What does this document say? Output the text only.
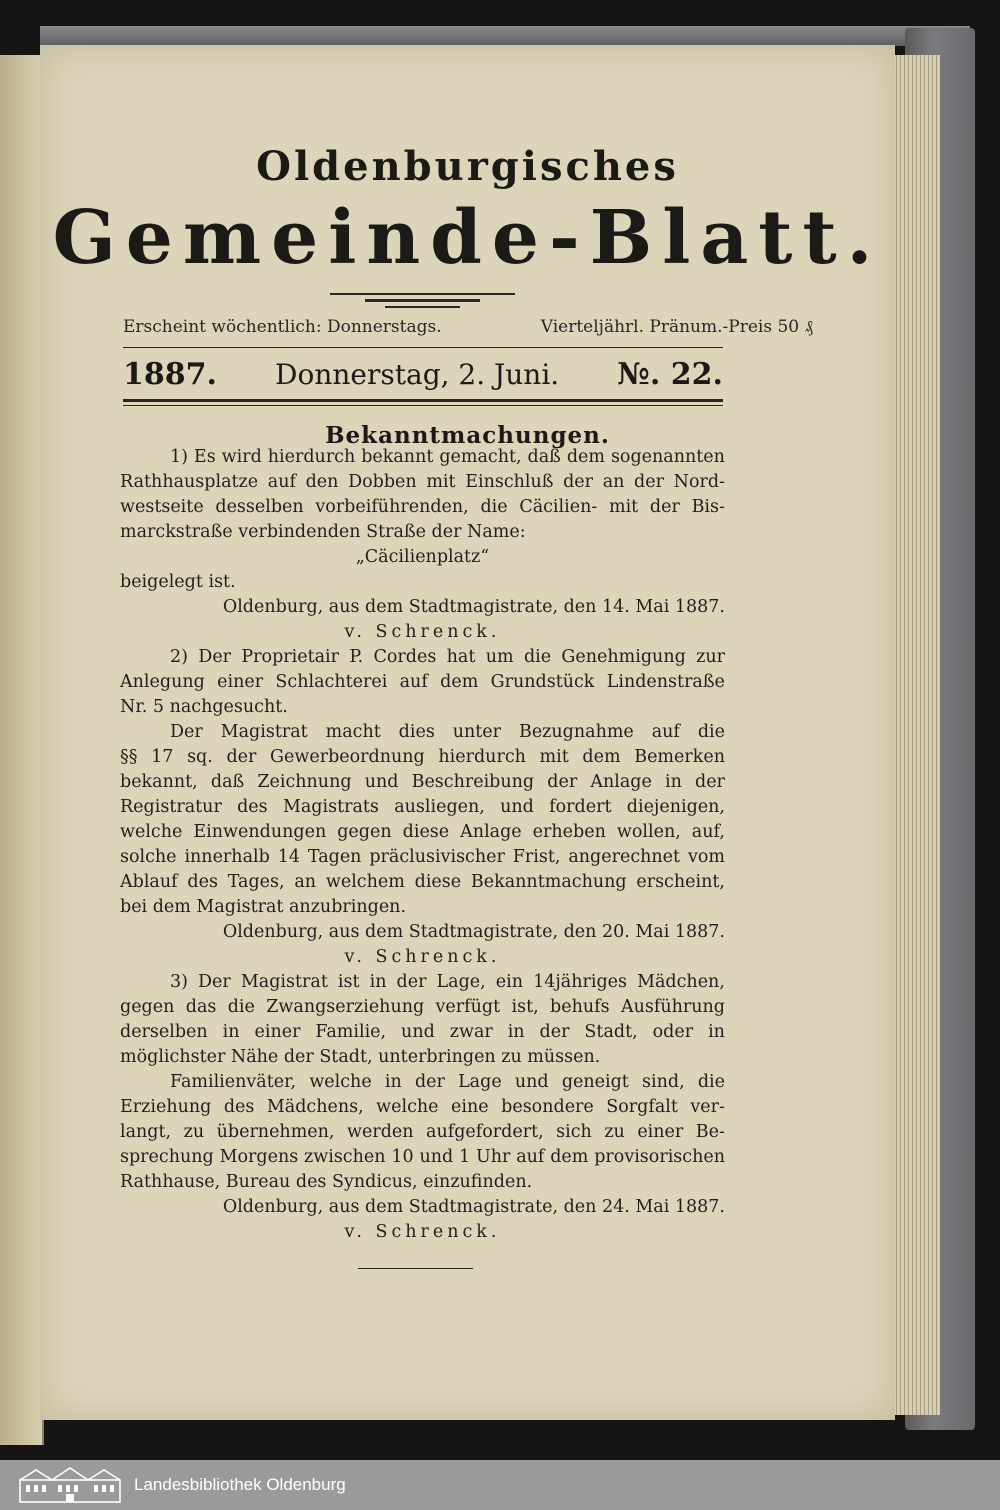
Oldenburgisches
Gemeinde-Blatt.
Erscheint wöchentlich: Donnerstags.	Vierteljährl. Pränum.-Preis 50 ₰
1887. Donnerstag, 2. Juni. №. 22.
Bekanntmachungen.
1) Es wird hierdurch bekannt gemacht, daß dem sogenannten
Rathhausplatze auf den Dobben mit Einschluß der an der Nord-
westseite desselben vorbeiführenden, die Cäcilien- mit der Bis-
marckstraße verbindenden Straße der Name:
„Cäcilienplatz“
beigelegt ist.
Oldenburg, aus dem Stadtmagistrate, den 14. Mai 1887.
v. Schrenck.
2) Der Proprietair P. Cordes hat um die Genehmigung zur
Anlegung einer Schlachterei auf dem Grundstück Lindenstraße
Nr. 5 nachgesucht.
Der Magistrat macht dies unter Bezugnahme auf die
§§ 17 sq. der Gewerbeordnung hierdurch mit dem Bemerken
bekannt, daß Zeichnung und Beschreibung der Anlage in der
Registratur des Magistrats ausliegen, und fordert diejenigen,
welche Einwendungen gegen diese Anlage erheben wollen, auf,
solche innerhalb 14 Tagen präclusivischer Frist, angerechnet vom
Ablauf des Tages, an welchem diese Bekanntmachung erscheint,
bei dem Magistrat anzubringen.
Oldenburg, aus dem Stadtmagistrate, den 20. Mai 1887.
v. Schrenck.
3) Der Magistrat ist in der Lage, ein 14jähriges Mädchen,
gegen das die Zwangserziehung verfügt ist, behufs Ausführung
derselben in einer Familie, und zwar in der Stadt, oder in
möglichster Nähe der Stadt, unterbringen zu müssen.
Familienväter, welche in der Lage und geneigt sind, die
Erziehung des Mädchens, welche eine besondere Sorgfalt ver-
langt, zu übernehmen, werden aufgefordert, sich zu einer Be-
sprechung Morgens zwischen 10 und 1 Uhr auf dem provisorischen
Rathhause, Bureau des Syndicus, einzufinden.
Oldenburg, aus dem Stadtmagistrate, den 24. Mai 1887.
v. Schrenck.
Landesbibliothek Oldenburg
